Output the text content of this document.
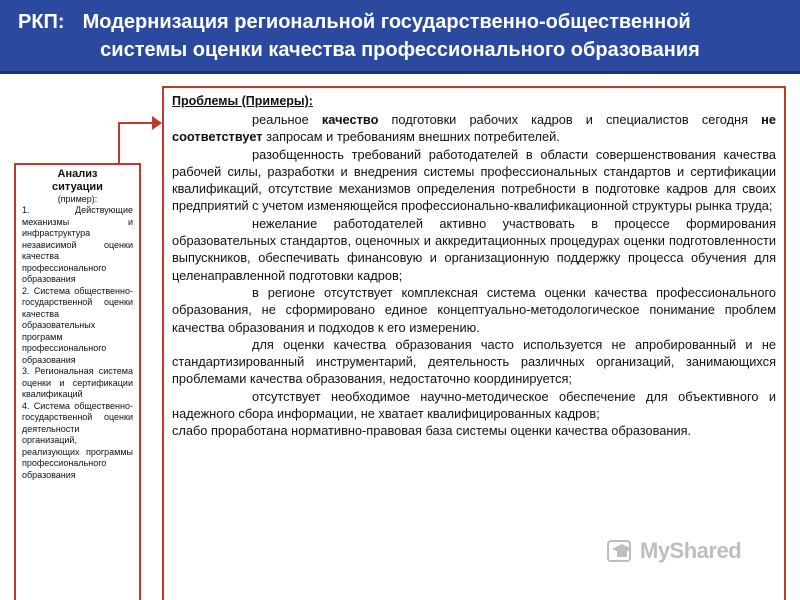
РКП: Модернизация региональной государственно-общественной
системы оценки качества профессионального образования
Анализ
ситуации
(пример):
1. Действующие механизмы и инфраструктура независимой оценки качества профессионального образования
2. Система общественно-государственной оценки качества образовательных программ профессионального образования
3. Региональная система оценки и сертификации квалификаций
4. Система общественно-государственной оценки деятельности организаций, реализующих программы профессионального образования
Проблемы (Примеры):

реальное качество подготовки рабочих кадров и специалистов сегодня не соответствует запросам и требованиям внешних потребителей.

разобщенность требований работодателей в области совершенствования качества рабочей силы, разработки и внедрения системы профессиональных стандартов и сертификации квалификаций, отсутствие механизмов определения потребности в подготовке кадров для своих предприятий с учетом изменяющейся профессионально-квалификационной структуры рынка труда;

нежелание работодателей активно участвовать в процессе формирования образовательных стандартов, оценочных и аккредитационных процедурах оценки подготовленности выпускников, обеспечивать финансовую и организационную поддержку процесса обучения для целенаправленной подготовки кадров;

в регионе отсутствует комплексная система оценки качества профессионального образования, не сформировано единое концептуально-методологическое понимание проблем качества образования и подходов к его измерению.

для оценки качества образования часто используется не апробированный и не стандартизированный инструментарий, деятельность различных организаций, занимающихся проблемами качества образования, недостаточно координируется;

отсутствует необходимое научно-методическое обеспечение для объективного и надежного сбора информации, не хватает квалифицированных кадров;

слабо проработана нормативно-правовая база системы оценки качества образования.

MyShared
